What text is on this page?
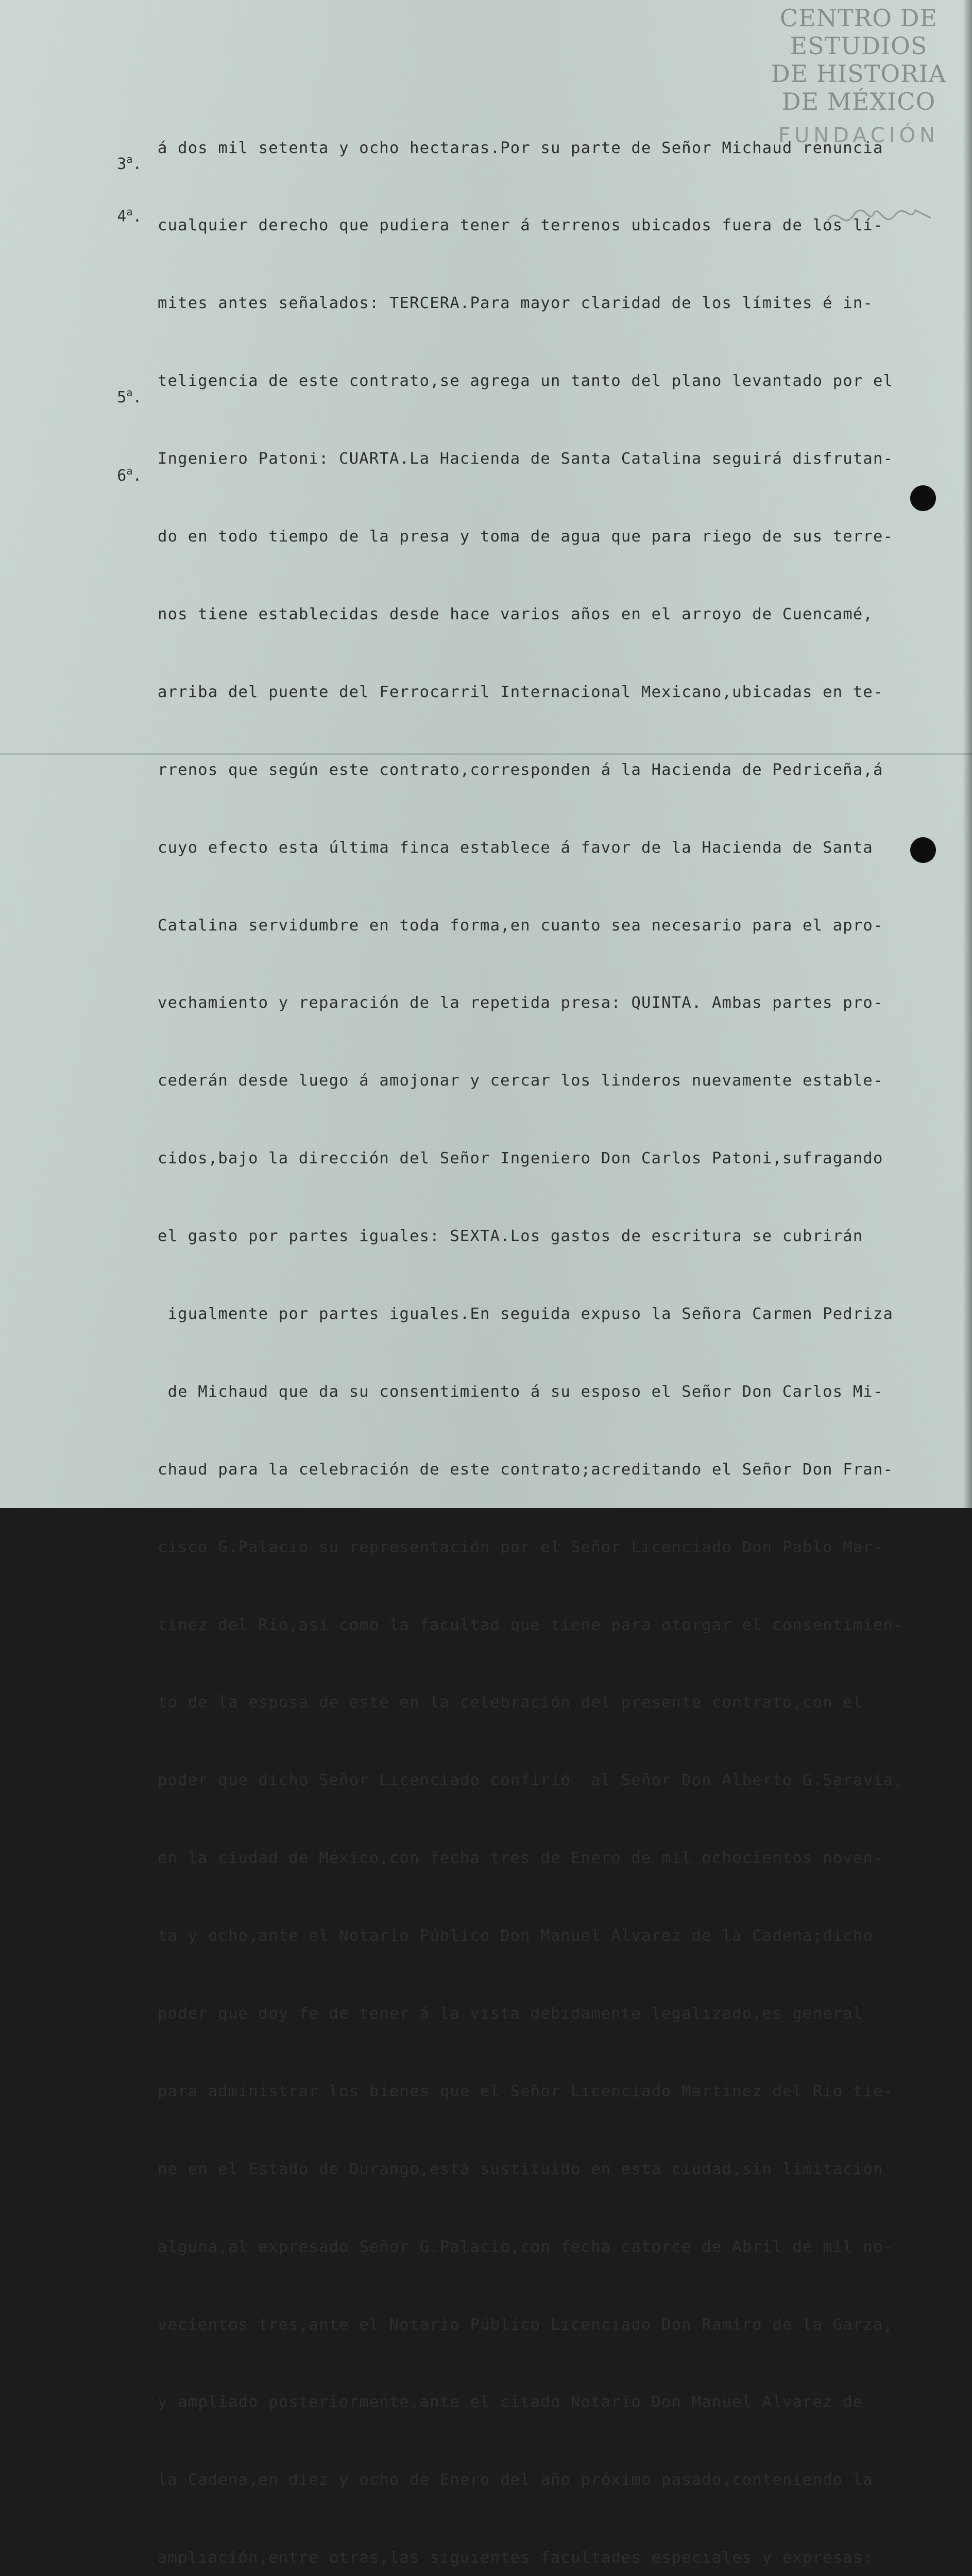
CENTRO DE
ESTUDIOS
DE HISTORIA
DE MÉXICO
FUNDACIÓN

3$^a$.

4$^a$.

5$^a$.

6$^a$.

á dos mil setenta y ocho hectaras.Por su parte de Señor Michaud renuncia

cualquier derecho que pudiera tener á terrenos ubicados fuera de los lí-

mites antes señalados: TERCERA.Para mayor claridad de los límites é in-

teligencia de este contrato,se agrega un tanto del plano levantado por el

Ingeniero Patoni: CUARTA.La Hacienda de Santa Catalina seguirá disfrutan-

do en todo tiempo de la presa y toma de agua que para riego de sus terre-

nos tiene establecidas desde hace varios años en el arroyo de Cuencamé,

arriba del puente del Ferrocarril Internacional Mexicano,ubicadas en te-

rrenos que según este contrato,corresponden á la Hacienda de Pedriceña,á

cuyo efecto esta última finca establece á favor de la Hacienda de Santa

Catalina servidumbre en toda forma,en cuanto sea necesario para el apro-

vechamiento y reparación de la repetida presa: QUINTA. Ambas partes pro-

cederán desde luego á amojonar y cercar los linderos nuevamente estable-

cidos,bajo la dirección del Señor Ingeniero Don Carlos Patoni,sufragando

el gasto por partes iguales: SEXTA.Los gastos de escritura se cubrirán

igualmente por partes iguales.En seguida expuso la Señora Carmen Pedriza

de Michaud que da su consentimiento á su esposo el Señor Don Carlos Mi-

chaud para la celebración de este contrato;acreditando el Señor Don Fran-

cisco G.Palacio su representación por el Señor Licenciado Don Pablo Mar-

tinez del Rio,así como la facultad que tiene para otorgar el consentimien-

to de la esposa de este en la celebración del presente contrato,con el

poder que dicho Señor Licenciado confirió  al Señor Don Alberto G.Saravia,

en la ciudad de México,con fecha tres de Enero de mil ochocientos noven-

ta y ocho,ante el Notario Público Don Manuel Alvarez de la Cadena;dicho

poder que doy fe de tener á la vista debidamente legalizado,es general

para administrar los bienes que el Señor Licenciado Martinez del Rio tie-

ne en el Estado de Durango,está sustituido en esta ciudad,sin limitación

alguna,al expresado Señor G.Palacio,con fecha catorce de Abril de mil no-

vecientos tres,ante el Notario Público Licenciado Don Ramiro de la Garza,

y ampliado posteriormente,ante el citado Notario Don Manuel Alvarez de

la Cadena,en diez y ocho de Enero del año próximo pasado,conteniendo la

ampliación,entre otras,las siguientes facultades especiales y expresas:
